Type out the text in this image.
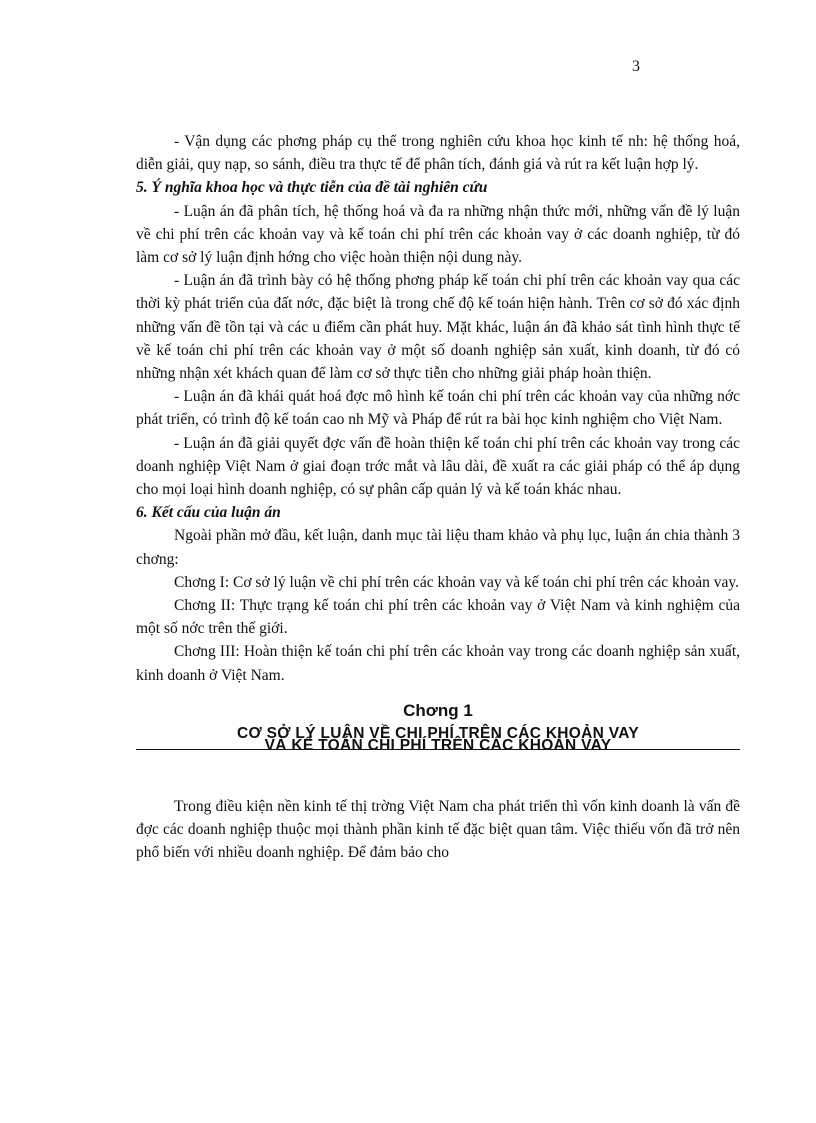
3

- Vận dụng các phơng pháp cụ thể trong nghiên cứu khoa học kinh tế nh: hệ thống hoá, diễn giải, quy nạp, so sánh, điều tra thực tế để phân tích, đánh giá và rút ra kết luận hợp lý.

5. Ý nghĩa khoa học và thực tiễn của đề tài nghiên cứu

- Luận án đã phân tích, hệ thống hoá và đa ra những nhận thức mới, những vấn đề lý luận về chi phí trên các khoản vay và kế toán chi phí trên các khoản vay ở các doanh nghiệp, từ đó làm cơ sở lý luận định hớng cho việc hoàn thiện nội dung này.

- Luận án đã trình bày có hệ thống phơng pháp kế toán chi phí trên các khoản vay qua các thời kỳ phát triển của đất nớc, đặc biệt là trong chế độ kế toán hiện hành. Trên cơ sở đó xác định những vấn đề tồn tại và các u điểm cần phát huy. Mặt khác, luận án đã khảo sát tình hình thực tế về kế toán chi phí trên các khoản vay ở một số doanh nghiệp sản xuất, kinh doanh, từ đó có những nhận xét khách quan để làm cơ sở thực tiễn cho những giải pháp hoàn thiện.

- Luận án đã khái quát hoá đợc mô hình kế toán chi phí trên các khoản vay của những nớc phát triển, có trình độ kế toán cao nh Mỹ và Pháp để rút ra bài học kinh nghiệm cho Việt Nam.

- Luận án đã giải quyết đợc vấn đề hoàn thiện kế toán chi phí trên các khoản vay trong các doanh nghiệp Việt Nam ở giai đoạn trớc mắt và lâu dài, đề xuất ra các giải pháp có thể áp dụng cho mọi loại hình doanh nghiệp, có sự phân cấp quản lý và kế toán khác nhau.

6. Kết cấu của luận án

Ngoài phần mở đầu, kết luận, danh mục tài liệu tham khảo và phụ lục, luận án chia thành 3 chơng:

Chơng I: Cơ sở lý luận về chi phí trên các khoản vay và kế toán chi phí trên các khoản vay.

Chơng II: Thực trạng kế toán chi phí trên các khoản vay ở Việt Nam và kinh nghiệm của một số nớc trên thế giới.

Chơng III: Hoàn thiện kế toán chi phí trên các khoản vay trong các doanh nghiệp sản xuất, kinh doanh ở Việt Nam.

Chơng 1
CƠ SỞ LÝ LUẬN VỀ CHI PHÍ TRÊN CÁC KHOẢN VAY
VÀ KẾ TOÁN CHI PHÍ TRÊN CÁC KHOẢN VAY

Trong điều kiện nền kinh tế thị trờng Việt Nam cha phát triển thì vốn kinh doanh là vấn đề đợc các doanh nghiệp thuộc mọi thành phần kinh tế đặc biệt quan tâm. Việc thiếu vốn đã trở nên phổ biến với nhiều doanh nghiệp. Để đảm bảo cho
